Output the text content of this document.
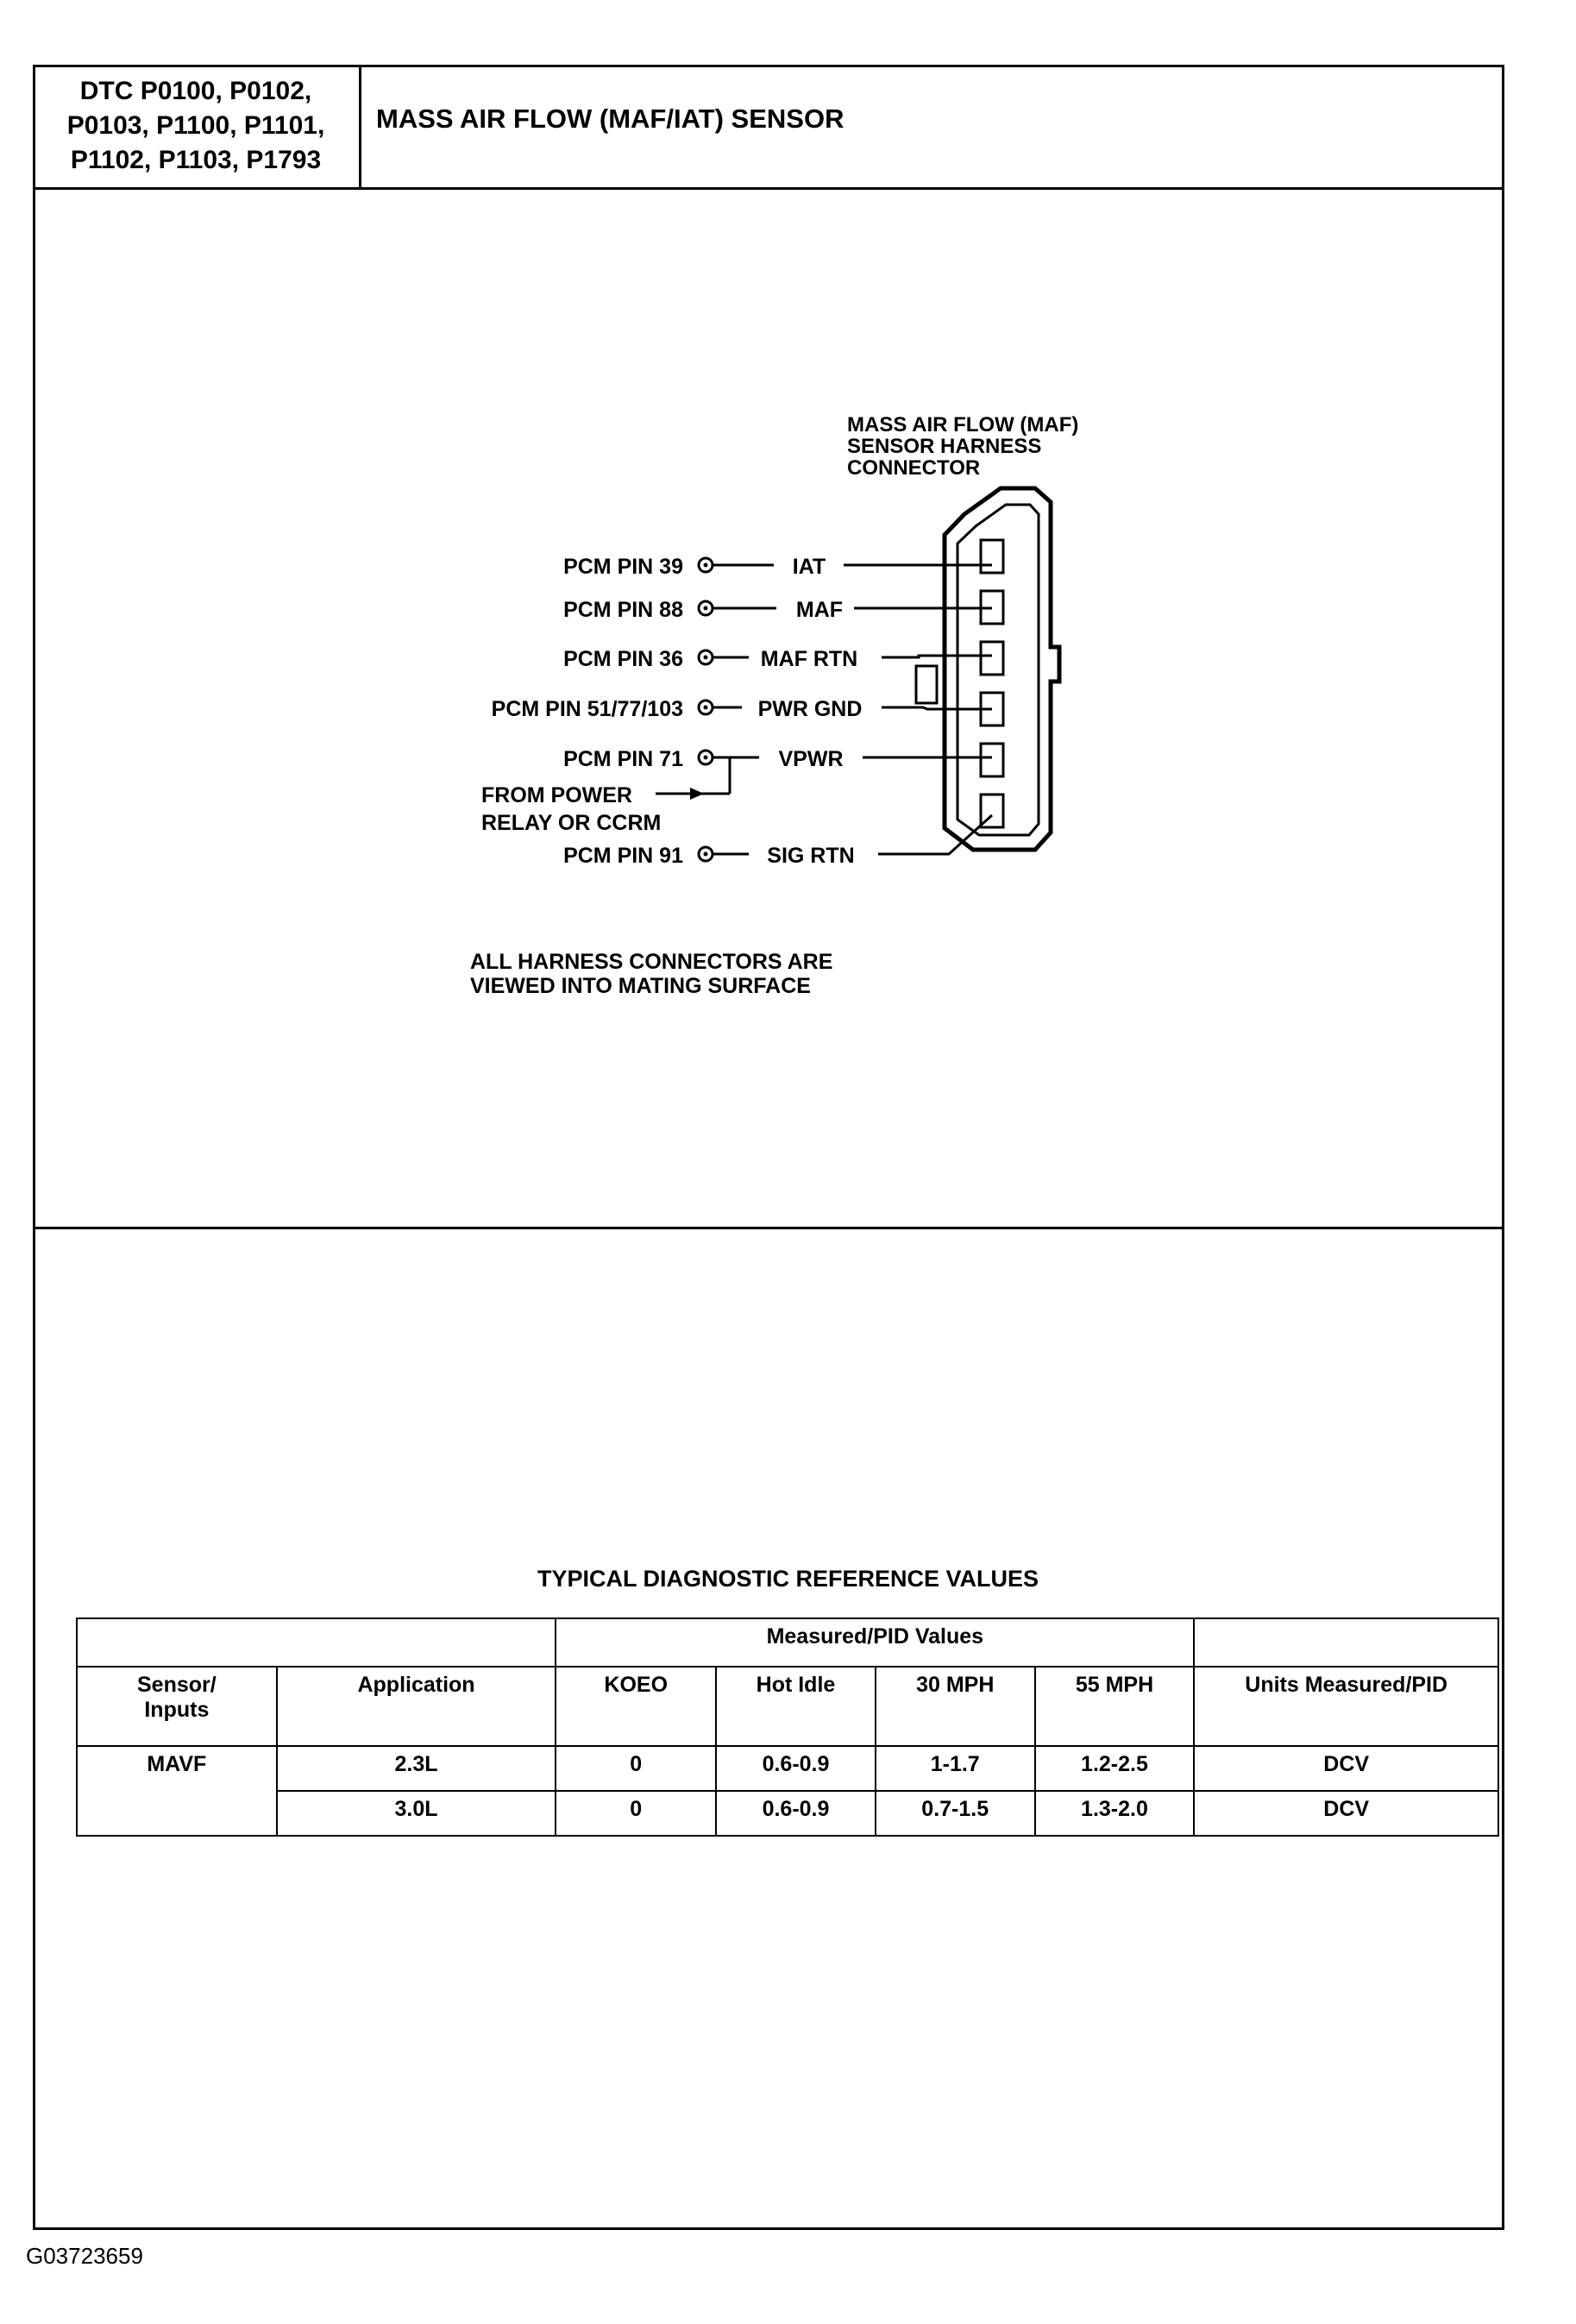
DTC P0100, P0102,
P0103, P1100, P1101,
P1102, P1103, P1793
MASS AIR FLOW (MAF/IAT) SENSOR
MASS AIR FLOW (MAF)
SENSOR HARNESS
CONNECTOR
PCM PIN 39
PCM PIN 88
PCM PIN 36
PCM PIN 51/77/103
PCM PIN 71
PCM PIN 91
IAT
MAF
MAF RTN
PWR GND
VPWR
SIG RTN
FROM POWER
RELAY OR CCRM
ALL HARNESS CONNECTORS ARE
VIEWED INTO MATING SURFACE
TYPICAL DIAGNOSTIC REFERENCE VALUES
		Measured/PID Values				

Sensor/
Inputs	Application	KOEO	Hot Idle	30 MPH	55 MPH	Units Measured/PID
MAVF	2.3L	0	0.6-0.9	1-1.7	1.2-2.5	DCV
	3.0L	0	0.6-0.9	0.7-1.5	1.3-2.0	DCV
G03723659
